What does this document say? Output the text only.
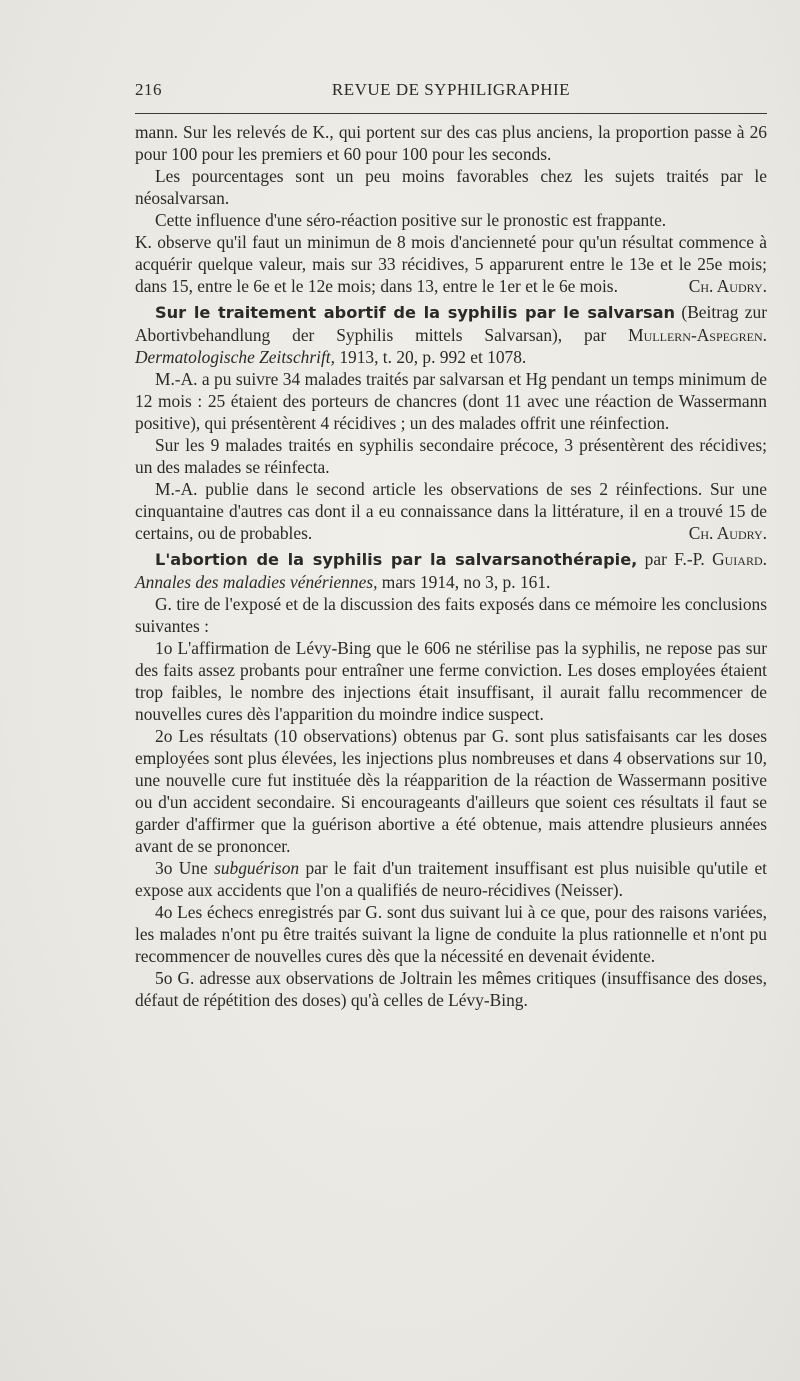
216	REVUE DE SYPHILIGRAPHIE

mann. Sur les relevés de K., qui portent sur des cas plus anciens, la proportion passe à 26 pour 100 pour les premiers et 60 pour 100 pour les seconds.

Les pourcentages sont un peu moins favorables chez les sujets traités par le néosalvarsan.

Cette influence d'une séro-réaction positive sur le pronostic est frappante.

K. observe qu'il faut un minimun de 8 mois d'ancienneté pour qu'un résultat commence à acquérir quelque valeur, mais sur 33 récidives, 5 apparurent entre le 13e et le 25e mois; dans 15, entre le 6e et le 12e mois; dans 13, entre le 1er et le 6e mois.	Ch. Audry.

Sur le traitement abortif de la syphilis par le salvarsan (Beitrag zur Abortivbehandlung der Syphilis mittels Salvarsan), par Mullern-Aspegren. Dermatologische Zeitschrift, 1913, t. 20, p. 992 et 1078.

M.-A. a pu suivre 34 malades traités par salvarsan et Hg pendant un temps minimum de 12 mois : 25 étaient des porteurs de chancres (dont 11 avec une réaction de Wassermann positive), qui présentèrent 4 récidives ; un des malades offrit une réinfection.

Sur les 9 malades traités en syphilis secondaire précoce, 3 présentèrent des récidives; un des malades se réinfecta.

M.-A. publie dans le second article les observations de ses 2 réinfections. Sur une cinquantaine d'autres cas dont il a eu connaissance dans la littérature, il en a trouvé 15 de certains, ou de probables.	Ch. Audry.

L'abortion de la syphilis par la salvarsanothérapie, par F.-P. Guiard. Annales des maladies vénériennes, mars 1914, no 3, p. 161.

G. tire de l'exposé et de la discussion des faits exposés dans ce mémoire les conclusions suivantes :

1o L'affirmation de Lévy-Bing que le 606 ne stérilise pas la syphilis, ne repose pas sur des faits assez probants pour entraîner une ferme conviction. Les doses employées étaient trop faibles, le nombre des injections était insuffisant, il aurait fallu recommencer de nouvelles cures dès l'apparition du moindre indice suspect.

2o Les résultats (10 observations) obtenus par G. sont plus satisfaisants car les doses employées sont plus élevées, les injections plus nombreuses et dans 4 observations sur 10, une nouvelle cure fut instituée dès la réapparition de la réaction de Wassermann positive ou d'un accident secondaire. Si encourageants d'ailleurs que soient ces résultats il faut se garder d'affirmer que la guérison abortive a été obtenue, mais attendre plusieurs années avant de se prononcer.

3o Une subguérison par le fait d'un traitement insuffisant est plus nuisible qu'utile et expose aux accidents que l'on a qualifiés de neuro-récidives (Neisser).

4o Les échecs enregistrés par G. sont dus suivant lui à ce que, pour des raisons variées, les malades n'ont pu être traités suivant la ligne de conduite la plus rationnelle et n'ont pu recommencer de nouvelles cures dès que la nécessité en devenait évidente.

5o G. adresse aux observations de Joltrain les mêmes critiques (insuffisance des doses, défaut de répétition des doses) qu'à celles de Lévy-Bing.
